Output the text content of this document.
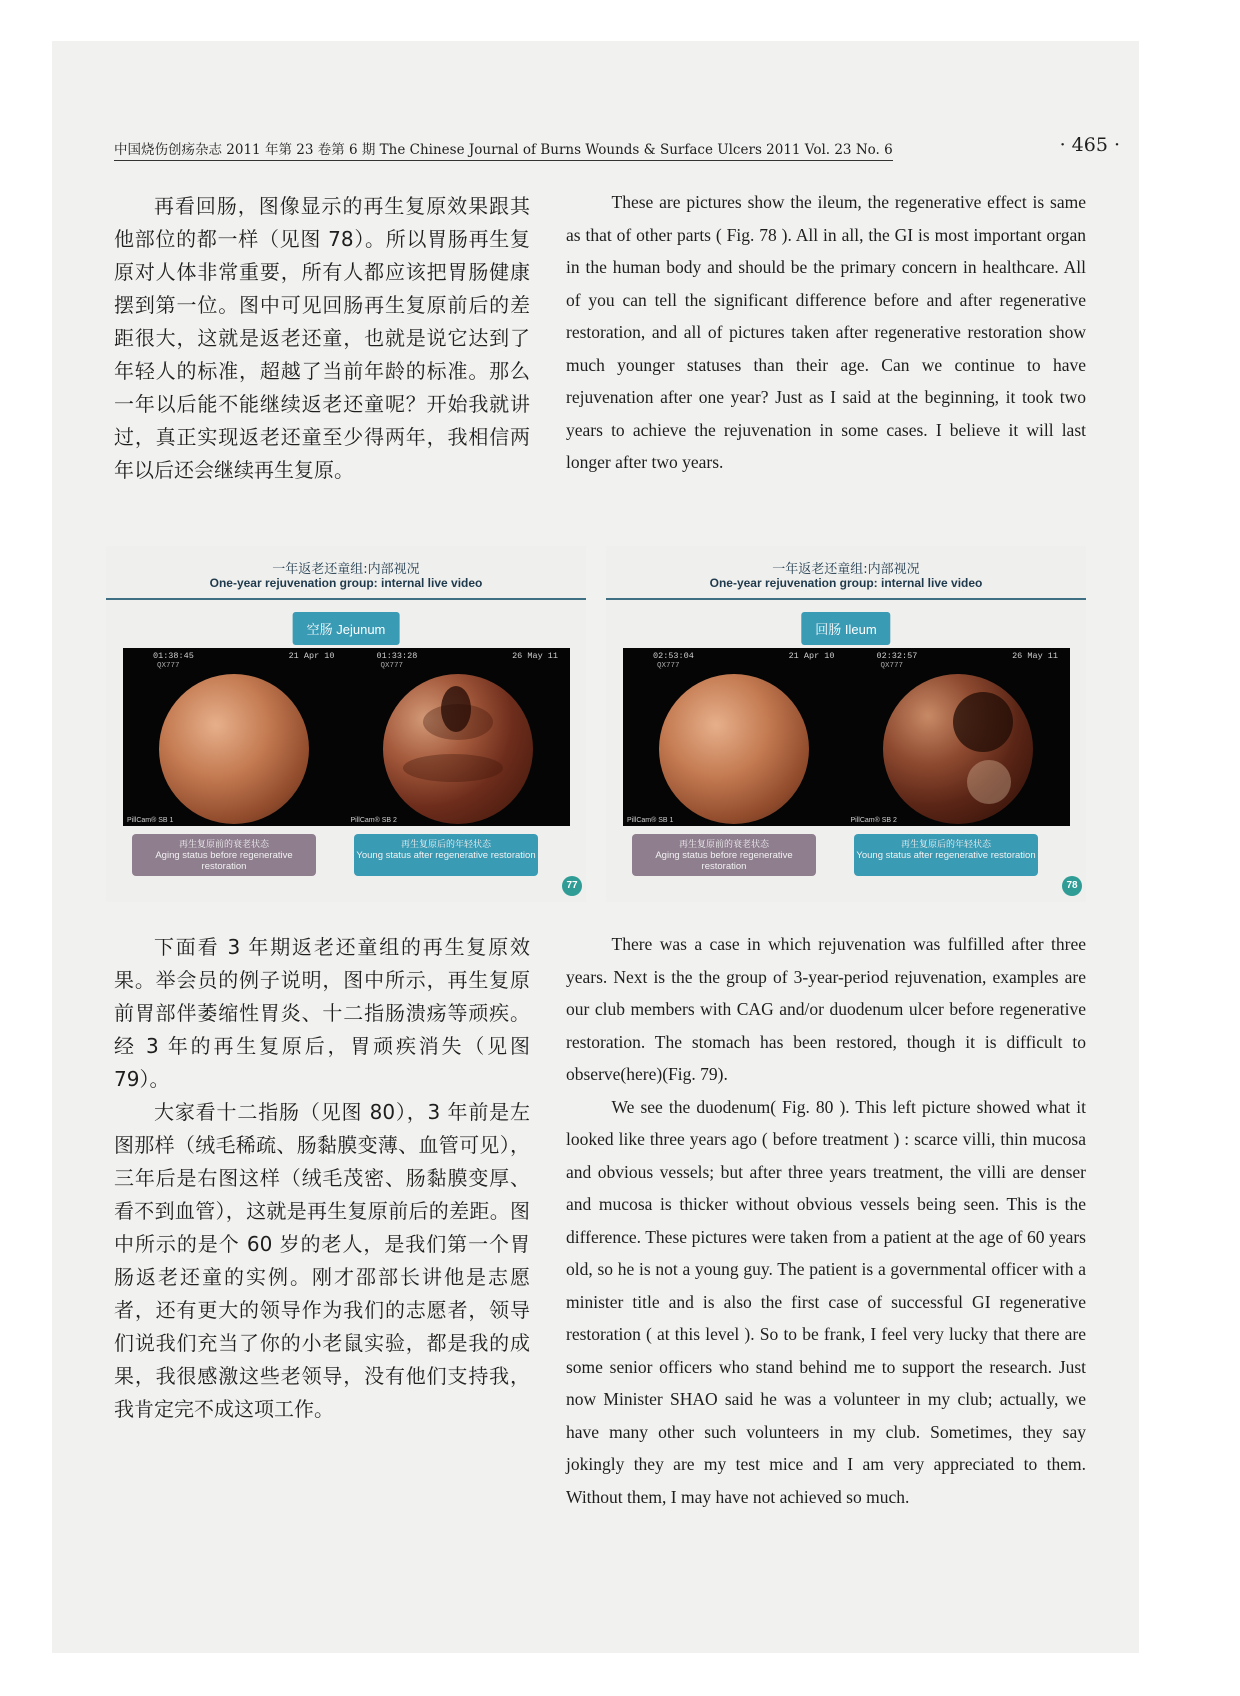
中国烧伤创疡杂志 2011 年第 23 卷第 6 期 The Chinese Journal of Burns Wounds & Surface Ulcers 2011 Vol. 23 No. 6	· 465 ·

再看回肠，图像显示的再生复原效果跟其他部位的都一样（见图 78）。所以胃肠再生复原对人体非常重要，所有人都应该把胃肠健康摆到第一位。图中可见回肠再生复原前后的差距很大，这就是返老还童，也就是说它达到了年轻人的标准，超越了当前年龄的标准。那么一年以后能不能继续返老还童呢？开始我就讲过，真正实现返老还童至少得两年，我相信两年以后还会继续再生复原。

These are pictures show the ileum, the regenerative effect is same as that of other parts ( Fig. 78 ). All in all, the GI is most important organ in the human body and should be the primary concern in healthcare. All of you can tell the significant difference before and after regenerative restoration, and all of pictures taken after regenerative restoration show much younger statuses than their age. Can we continue to have rejuvenation after one year? Just as I said at the beginning, it took two years to achieve the rejuvenation in some cases. I believe it will last longer after two years.

一年返老还童组:内部视况
One-year rejuvenation group: internal live video
空肠 Jejunum
01:38:45
QX777
21 Apr 10
PillCam® SB 1
01:33:28
QX777
26 May 11
PillCam® SB 2
再生复原前的衰老状态
Aging status before regenerative restoration
再生复原后的年轻状态
Young status after regenerative restoration
77
一年返老还童组:内部视况
One-year rejuvenation group: internal live video
回肠 Ileum
02:53:04
QX777
21 Apr 10
PillCam® SB 1
02:32:57
QX777
26 May 11
PillCam® SB 2
再生复原前的衰老状态
Aging status before regenerative restoration
再生复原后的年轻状态
Young status after regenerative restoration
78

下面看 3 年期返老还童组的再生复原效果。举会员的例子说明，图中所示，再生复原前胃部伴萎缩性胃炎、十二指肠溃疡等顽疾。经 3 年的再生复原后，胃顽疾消失（见图 79）。

大家看十二指肠（见图 80），3 年前是左图那样（绒毛稀疏、肠黏膜变薄、血管可见），三年后是右图这样（绒毛茂密、肠黏膜变厚、看不到血管），这就是再生复原前后的差距。图中所示的是个 60 岁的老人，是我们第一个胃肠返老还童的实例。刚才邵部长讲他是志愿者，还有更大的领导作为我们的志愿者，领导们说我们充当了你的小老鼠实验，都是我的成果，我很感激这些老领导，没有他们支持我，我肯定完不成这项工作。

There was a case in which rejuvenation was fulfilled after three years. Next is the the group of 3-year-period rejuvenation, examples are our club members with CAG and/or duodenum ulcer before regenerative restoration. The stomach has been restored, though it is difficult to observe(here)(Fig. 79).

We see the duodenum( Fig. 80 ). This left picture showed what it looked like three years ago ( before treatment ) : scarce villi, thin mucosa and obvious vessels; but after three years treatment, the villi are denser and mucosa is thicker without obvious vessels being seen. This is the difference. These pictures were taken from a patient at the age of 60 years old, so he is not a young guy. The patient is a governmental officer with a minister title and is also the first case of successful GI regenerative restoration ( at this level ). So to be frank, I feel very lucky that there are some senior officers who stand behind me to support the research. Just now Minister SHAO said he was a volunteer in my club; actually, we have many other such volunteers in my club. Sometimes, they say jokingly they are my test mice and I am very appreciated to them. Without them, I may have not achieved so much.
